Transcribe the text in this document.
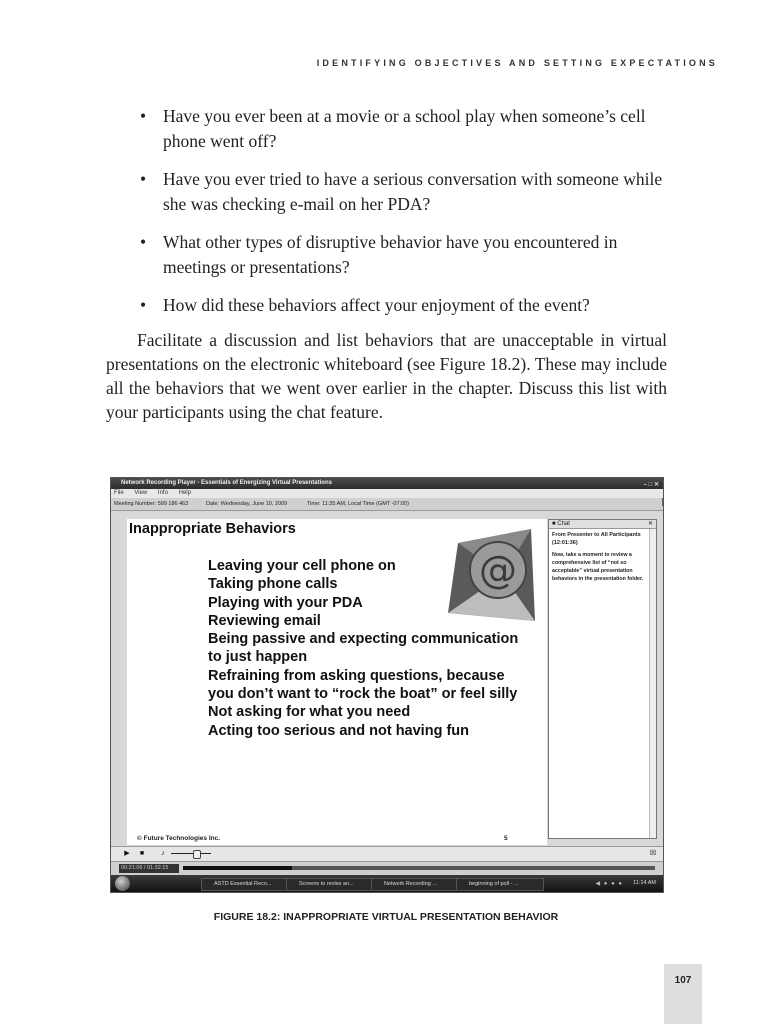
IDENTIFYING OBJECTIVES AND SETTING EXPECTATIONS
• Have you ever been at a movie or a school play when someone’s cell phone went off?
• Have you ever tried to have a serious conversation with someone while she was checking e-mail on her PDA?
• What other types of disruptive behavior have you encountered in meetings or presentations?
• How did these behaviors affect your enjoyment of the event?

Facilitate a discussion and list behaviors that are unacceptable in virtual presentations on the electronic whiteboard (see Figure 18.2). These may include all the behaviors that we went over earlier in the chapter. Discuss this list with your participants using the chat feature.

Network Recording Player - Essentials of Energizing Virtual Presentations	– □ ✕
File View Info Help
Meeting Number: 599 186 463	Date: Wednesday, June 10, 2009	Time: 11:35 AM, Local Time (GMT -07:00)
Inappropriate Behaviors
@
Leaving your cell phone on
Taking phone calls
Playing with your PDA
Reviewing email
Being passive and expecting communication
to just happen
Refraining from asking questions, because
you don’t want to “rock the boat” or feel silly
Not asking for what you need
Acting too serious and not having fun
© Future Technologies Inc.	5
■ Chat	✕
From Presenter to All Participants (12:01:36)
Now, take a moment to review a comprehensive list of “not so acceptable” virtual presentation behaviors in the presentation folder.
▶ ■	♪	☒
00:21:06 / 01:32:15
ASTD Essential Reco...	Screens to revise an...	Network Recording ...	beginning of poll - ...	◀ ● ● ● 11:14 AM
FIGURE 18.2: INAPPROPRIATE VIRTUAL PRESENTATION BEHAVIOR
107
